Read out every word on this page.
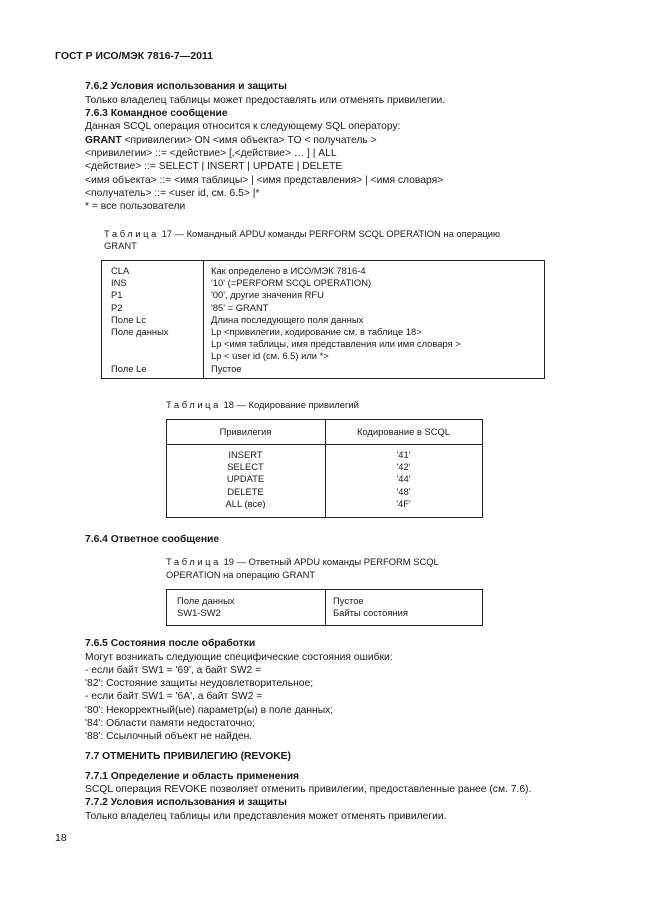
ГОСТ Р ИСО/МЭК 7816-7—2011
7.6.2 Условия использования и защиты
Только владелец таблицы может предоставлять или отменять привилегии.
7.6.3 Командное сообщение
Данная SCQL операция относится к следующему SQL оператору:
GRANT <привилегии> ON <имя объекта> TO < получатель >
<привилегии> ::= <действие> [,<действие> … ] | ALL
<действие> ::= SELECT | INSERT | UPDATE | DELETE
<имя объекта> ::= <имя таблицы> | <имя представления> | <имя словаря>
<получатель> ::= <user id, см. 6.5> |*
* = все пользователи
Таблица 17 — Командный APDU команды PERFORM SCQL OPERATION на операцию
GRANT
CLA
INS
P1
P2
Поле Lc
Поле данных
Поле Le
Как определено в ИСО/МЭК 7816-4
'10' (=PERFORM SCQL OPERATION)
'00', другие значения RFU
'85' = GRANT
Длина последующего поля данных
Lp <привилегии, кодирование см. в таблице 18>
Lp <имя таблицы, имя представления или имя словаря >
Lp < user id (см. 6.5) или *>
Пустое
Таблица 18 — Кодирование привилегий
Привилегия	Кодирование в SCQL
INSERT
SELECT
UPDATE
DELETE
ALL (все)
'41'
'42'
'44'
'48'
'4F'
7.6.4 Ответное сообщение
Таблица 19 — Ответный APDU команды PERFORM SCQL
OPERATION на операцию GRANT
Поле данных
SW1-SW2
Пустое
Байты состояния
7.6.5 Состояния после обработки
Могут возникать следующие специфические состояния ошибки:
- если байт SW1 = '69', а байт SW2 =
'82': Состояние защиты неудовлетворительное;
- если байт SW1 = '6A', а байт SW2 =
'80': Некорректный(ые) параметр(ы) в поле данных;
'84': Области памяти недостаточно;
'88': Ссылочный объект не найден.
7.7 ОТМЕНИТЬ ПРИВИЛЕГИЮ (REVOKE)
7.7.1 Определение и область применения
SCQL операция REVOKE позволяет отменить привилегии, предоставленные ранее (см. 7.6).
7.7.2 Условия использования и защиты
Только владелец таблицы или представления может отменять привилегии.
18
